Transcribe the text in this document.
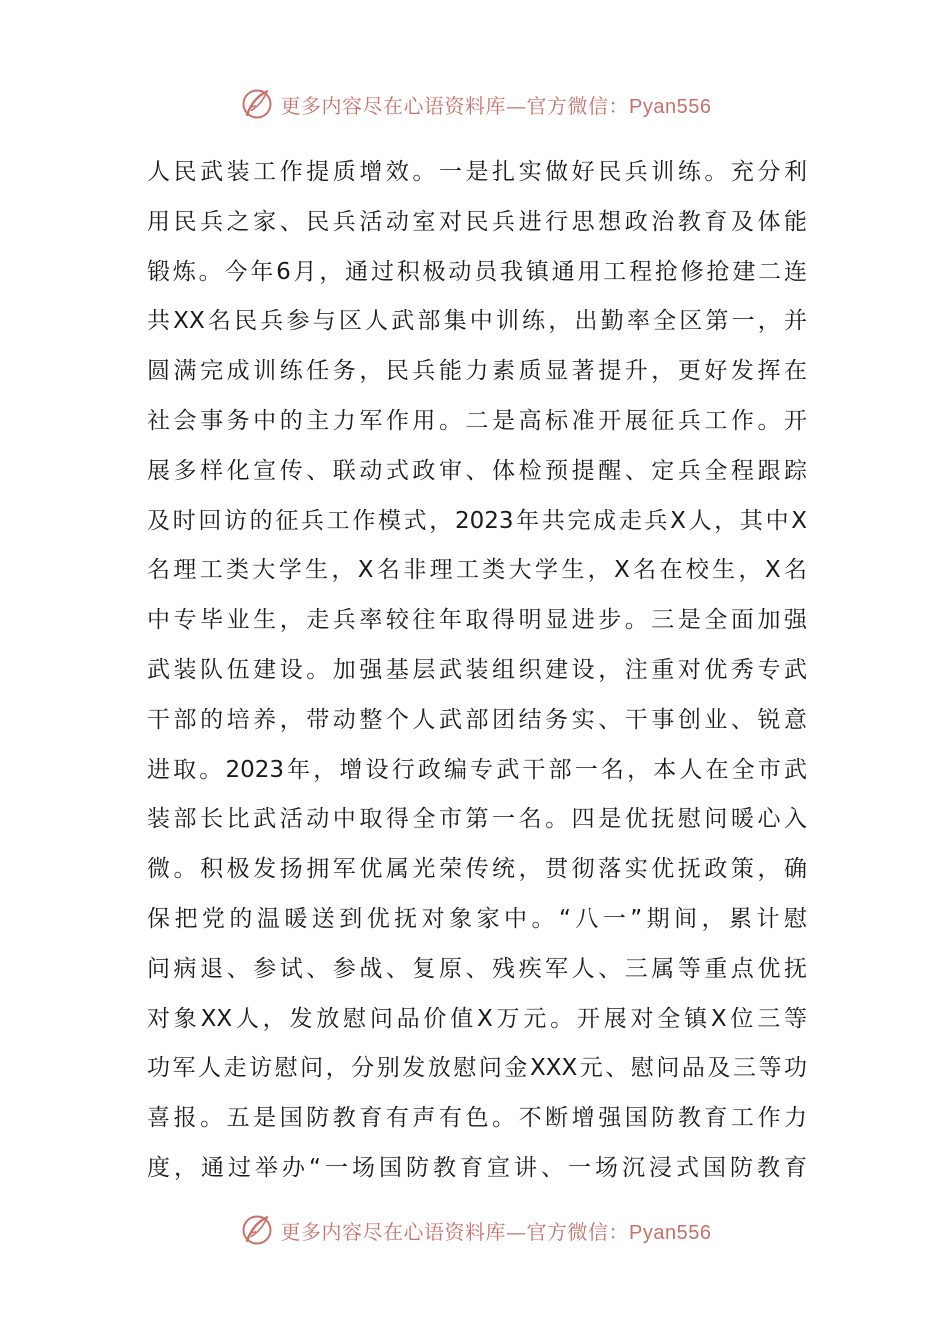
更多内容尽在心语资料库—官方微信：Pyan556
人民武装工作提质增效。一是扎实做好民兵训练。充分利
用民兵之家、民兵活动室对民兵进行思想政治教育及体能
锻炼。今年6月，通过积极动员我镇通用工程抢修抢建二连
共XX名民兵参与区人武部集中训练，出勤率全区第一，并
圆满完成训练任务，民兵能力素质显著提升，更好发挥在
社会事务中的主力军作用。二是高标准开展征兵工作。开
展多样化宣传、联动式政审、体检预提醒、定兵全程跟踪
及时回访的征兵工作模式，2023年共完成走兵X人，其中X
名理工类大学生，X名非理工类大学生，X名在校生，X名
中专毕业生，走兵率较往年取得明显进步。三是全面加强
武装队伍建设。加强基层武装组织建设，注重对优秀专武
干部的培养，带动整个人武部团结务实、干事创业、锐意
进取。2023年，增设行政编专武干部一名，本人在全市武
装部长比武活动中取得全市第一名。四是优抚慰问暖心入
微。积极发扬拥军优属光荣传统，贯彻落实优抚政策，确
保把党的温暖送到优抚对象家中。“八一”期间，累计慰
问病退、参试、参战、复原、残疾军人、三属等重点优抚
对象XX人，发放慰问品价值X万元。开展对全镇X位三等
功军人走访慰问，分别发放慰问金XXX元、慰问品及三等功
喜报。五是国防教育有声有色。不断增强国防教育工作力
度，通过举办“一场国防教育宣讲、一场沉浸式国防教育
更多内容尽在心语资料库—官方微信：Pyan556
